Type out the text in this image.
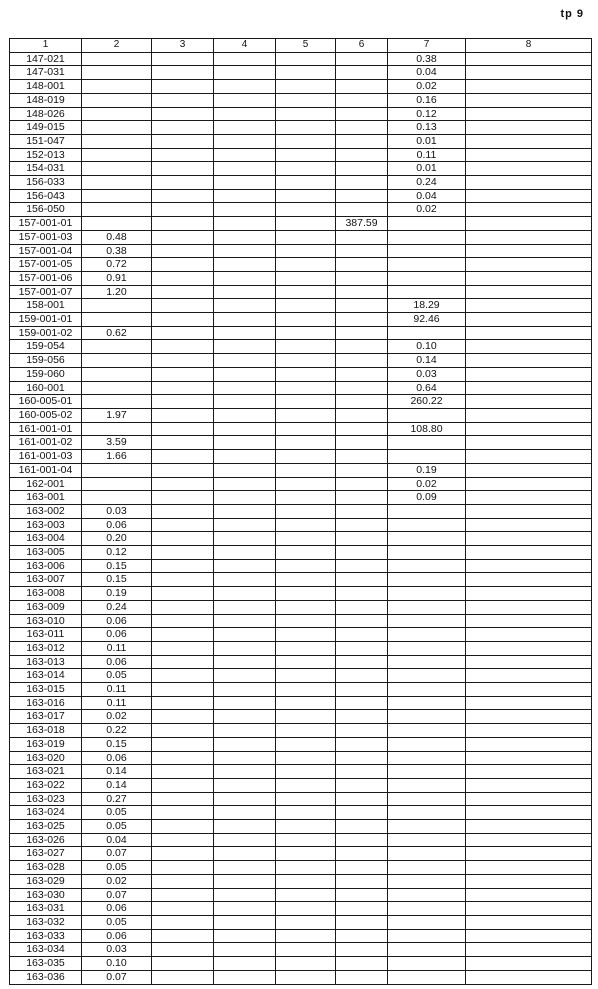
tp 9
1	2	3	4	5	6	7	8
147-021						0.38	
147-031						0.04	
148-001						0.02	
148-019						0.16	
148-026						0.12	
149-015						0.13	
151-047						0.01	
152-013						0.11	
154-031						0.01	
156-033						0.24	
156-043						0.04	
156-050						0.02	
157-001-01					387.59		
157-001-03	0.48						
157-001-04	0.38						
157-001-05	0.72						
157-001-06	0.91						
157-001-07	1.20						
158-001						18.29	
159-001-01						92.46	
159-001-02	0.62						
159-054						0.10	
159-056						0.14	
159-060						0.03	
160-001						0.64	
160-005-01						260.22	
160-005-02	1.97						
161-001-01						108.80	
161-001-02	3.59						
161-001-03	1.66						
161-001-04						0.19	
162-001						0.02	
163-001						0.09	
163-002	0.03						
163-003	0.06						
163-004	0.20						
163-005	0.12						
163-006	0.15						
163-007	0.15						
163-008	0.19						
163-009	0.24						
163-010	0.06						
163-011	0.06						
163-012	0.11						
163-013	0.06						
163-014	0.05						
163-015	0.11						
163-016	0.11						
163-017	0.02						
163-018	0.22						
163-019	0.15						
163-020	0.06						
163-021	0.14						
163-022	0.14						
163-023	0.27						
163-024	0.05						
163-025	0.05						
163-026	0.04						
163-027	0.07						
163-028	0.05						
163-029	0.02						
163-030	0.07						
163-031	0.06						
163-032	0.05						
163-033	0.06						
163-034	0.03						
163-035	0.10						
163-036	0.07						
